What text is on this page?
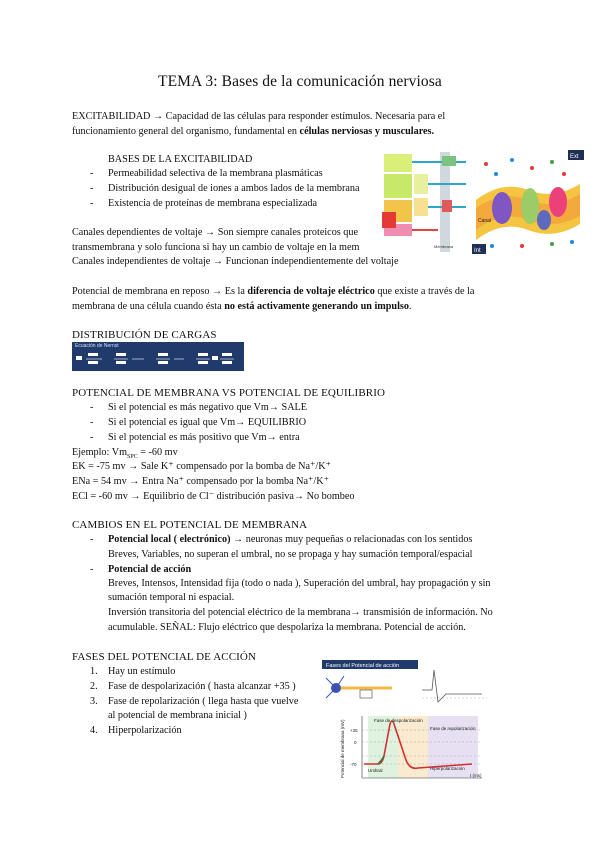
TEMA 3: Bases de la comunicación nerviosa
EXCITABILIDAD → Capacidad de las células para responder estímulos. Necesaria para el
funcionamiento general del organismo, fundamental en células nerviosas y musculares.
BASES DE LA EXCITABILIDAD
- Permeabilidad selectiva de la membrana plasmáticas
- Distribución desigual de iones a ambos lados de la membrana
- Existencia de proteínas de membrana especializada
Membrana
Ext
Int
Canal
Canales dependientes de voltaje → Son siempre canales proteicos que
transmembrana y solo funciona si hay un cambio de voltaje en la mem
Canales independientes de voltaje → Funcionan independientemente del voltaje
Potencial de membrana en reposo → Es la diferencia de voltaje eléctrico que existe a través de la
membrana de una célula cuando ésta no está activamente generando un impulso.
DISTRIBUCIÓN DE CARGAS
Ecuación de Nernst
POTENCIAL DE MEMBRANA VS POTENCIAL DE EQUILIBRIO
- Si el potencial es más negativo que Vm→ SALE
- Si el potencial es igual que Vm→ EQUILIBRIO
- Si el potencial es más positivo que Vm→ entra
Ejemplo: $Vm_{SPC} = -60$ mv
EK = -75 mv → Sale K⁺ compensado por la bomba de Na⁺/K⁺
ENa = 54 mv → Entra Na⁺ compensado por la bomba Na⁺/K⁺
ECl = -60 mv → Equilibrio de Cl⁻ distribución pasiva→ No bombeo
CAMBIOS EN EL POTENCIAL DE MEMBRANA
- Potencial local ( electrónico) → neuronas muy pequeñas o relacionadas con los sentidos
Breves, Variables, no superan el umbral, no se propaga y hay sumación temporal/espacial
- Potencial de acción
Breves, Intensos, Intensidad fija (todo o nada ), Superación del umbral, hay propagación y sin
sumación temporal ni espacial.
Inversión transitoria del potencial eléctrico de la membrana→ transmisión de información. No
acumulable. SEÑAL: Flujo eléctrico que despolariza la membrana. Potencial de acción.
FASES DEL POTENCIAL DE ACCIÓN
1. Hay un estímulo
2. Fase de despolarización ( hasta alcanzar +35 )
3. Fase de repolarización ( llega hasta que vuelve
al potencial de membrana inicial )
4. Hiperpolarización
Fases del Potencial de acción
Fase de despolarización
Fase de repolarización
Umbral	Hiperpolarización
+35
0
-70
t (ms)
Potencial de membrana (mV)
